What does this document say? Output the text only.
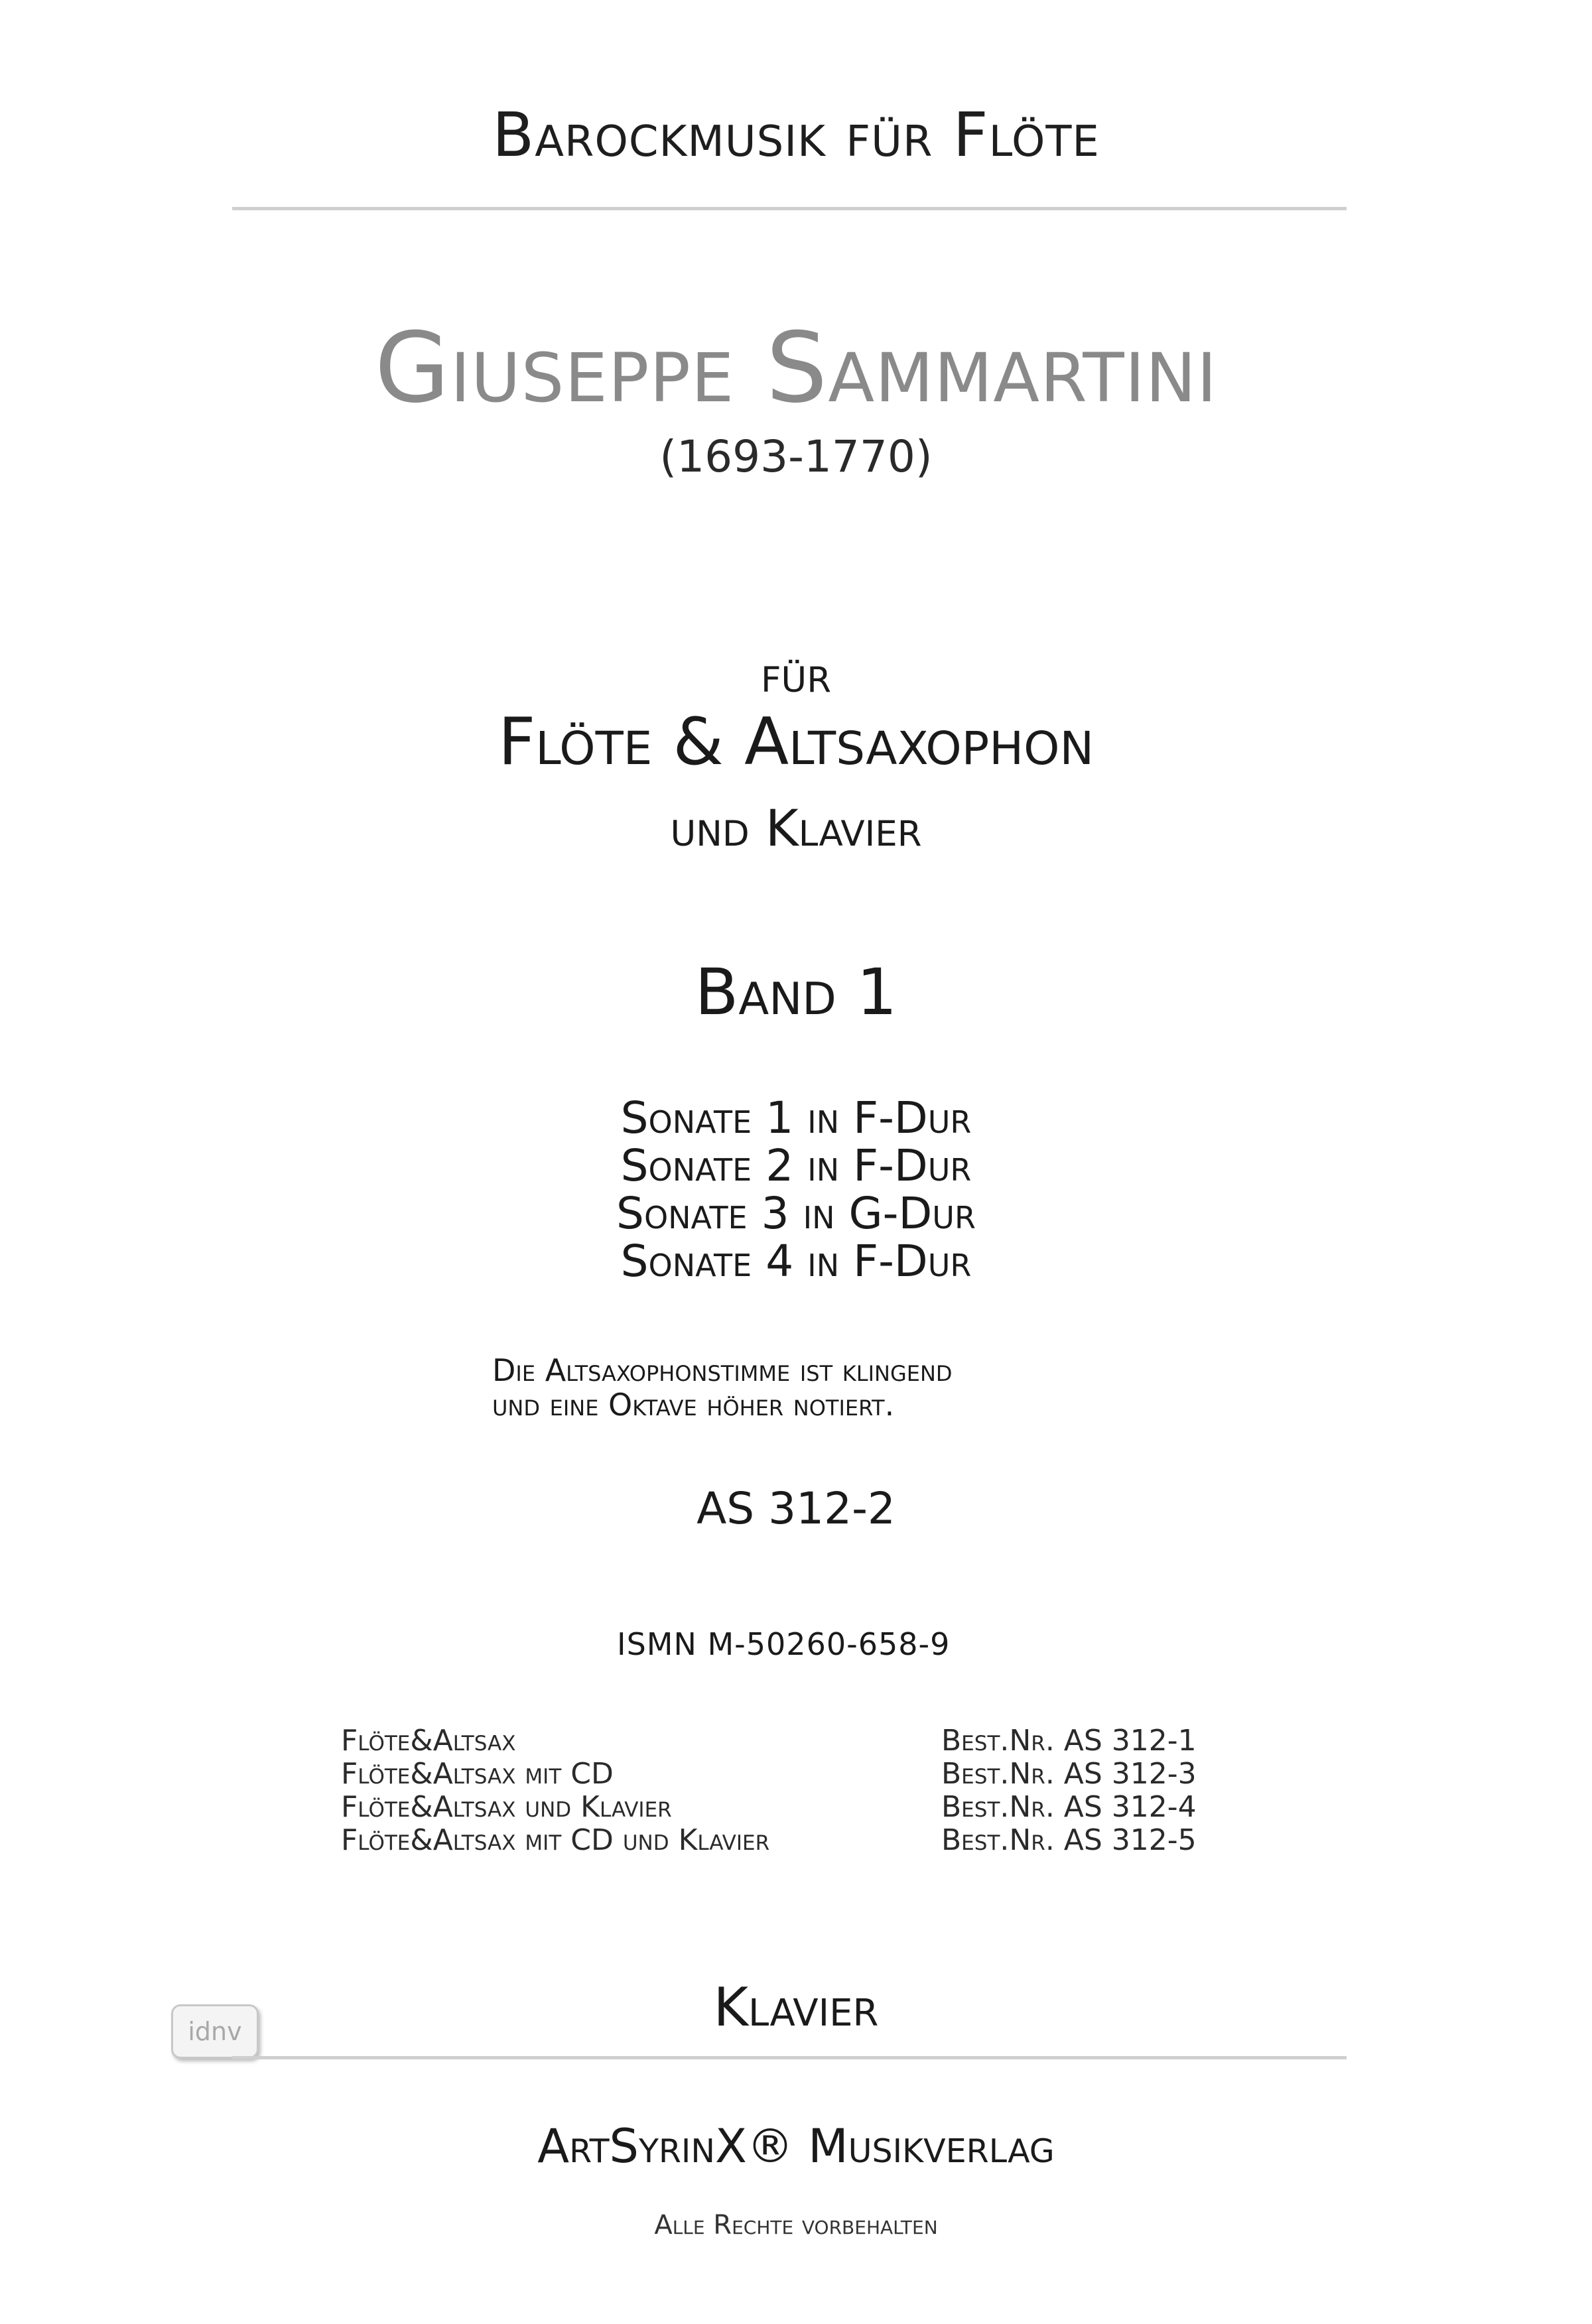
Barockmusik für Flöte
Giuseppe Sammartini
(1693-1770)
für
Flöte & Altsaxophon
und Klavier
Band 1
Sonate 1 in F-Dur
Sonate 2 in F-Dur
Sonate 3 in G-Dur
Sonate 4 in F-Dur
Die Altsaxophonstimme ist klingend
und eine Oktave höher notiert.
AS 312-2
ISMN M-50260-658-9
Flöte&Altsax	Best.Nr. AS 312-1
Flöte&Altsax mit CD	Best.Nr. AS 312-3
Flöte&Altsax und Klavier	Best.Nr. AS 312-4
Flöte&Altsax mit CD und Klavier	Best.Nr. AS 312-5
Klavier
idnv
ArtSyrinX® Musikverlag
Alle Rechte vorbehalten
